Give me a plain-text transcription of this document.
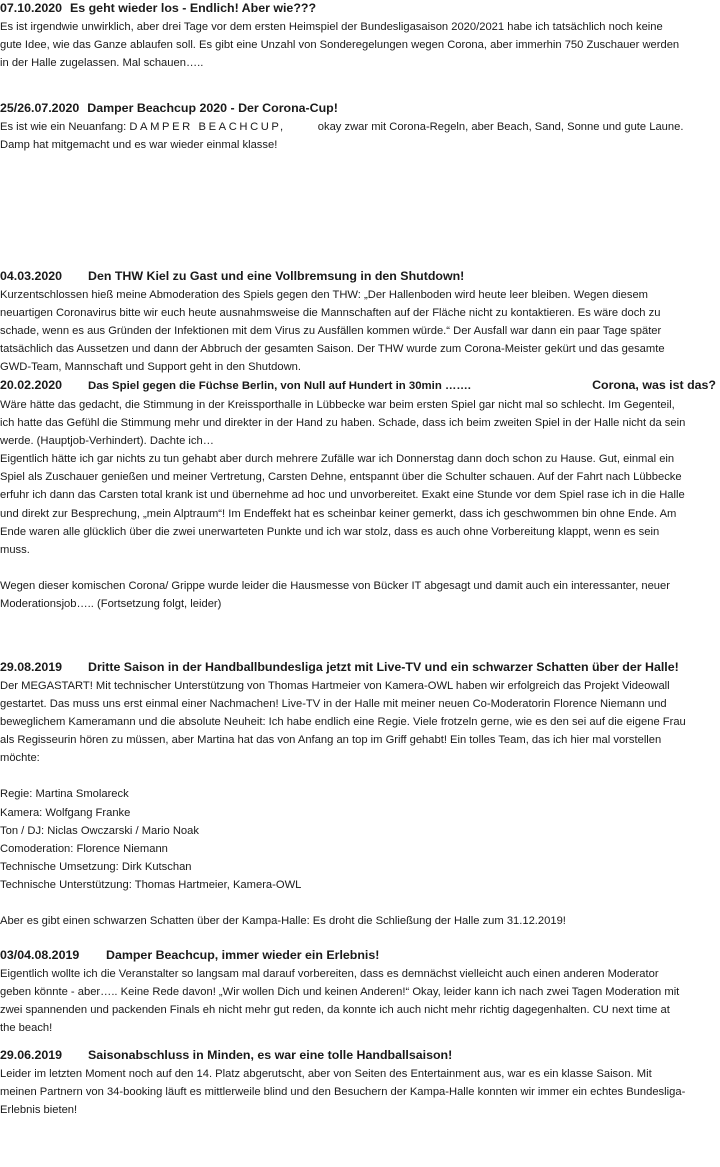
07.10.2020 Es geht wieder los - Endlich! Aber wie???

Es ist irgendwie unwirklich, aber drei Tage vor dem ersten Heimspiel der Bundesligasaison 2020/2021 habe ich tatsächlich noch keine gute Idee, wie das Ganze ablaufen soll. Es gibt eine Unzahl von Sonderegelungen wegen Corona, aber immerhin 750 Zuschauer werden in der Halle zugelassen. Mal schauen…..

25/26.07.2020 Damper Beachcup 2020 - Der Corona-Cup!

Es ist wie ein Neuanfang: DAMPER BEACHCUP,	okay zwar mit Corona-Regeln, aber Beach, Sand, Sonne und gute Laune. Damp hat mitgemacht und es war wieder einmal klasse!

04.03.2020 Den THW Kiel zu Gast und eine Vollbremsung in den Shutdown!

Kurzentschlossen hieß meine Abmoderation des Spiels gegen den THW: „Der Hallenboden wird heute leer bleiben. Wegen diesem neuartigen Coronavirus bitte wir euch heute ausnahmsweise die Mannschaften auf der Fläche nicht zu kontaktieren. Es wäre doch zu schade, wenn es aus Gründen der Infektionen mit dem Virus zu Ausfällen kommen würde.“ Der Ausfall war dann ein paar Tage später tatsächlich das Aussetzen und dann der Abbruch der gesamten Saison. Der THW wurde zum Corona-Meister gekürt und das gesamte GWD-Team, Mannschaft und Support geht in den Shutdown.

20.02.2020 Das Spiel gegen die Füchse Berlin, von Null auf Hundert in 30min …….	Corona, was ist das?

Wäre hätte das gedacht, die Stimmung in der Kreissporthalle in Lübbecke war beim ersten Spiel gar nicht mal so schlecht. Im Gegenteil, ich hatte das Gefühl die Stimmung mehr und direkter in der Hand zu haben. Schade, dass ich beim zweiten Spiel in der Halle nicht da sein werde. (Hauptjob-Verhindert). Dachte ich…

Eigentlich hätte ich gar nichts zu tun gehabt aber durch mehrere Zufälle war ich Donnerstag dann doch schon zu Hause. Gut, einmal ein Spiel als Zuschauer genießen und meiner Vertretung, Carsten Dehne, entspannt über die Schulter schauen. Auf der Fahrt nach Lübbecke erfuhr ich dann das Carsten total krank ist und übernehme ad hoc und unvorbereitet. Exakt eine Stunde vor dem Spiel rase ich in die Halle und direkt zur Besprechung, „mein Alptraum“! Im Endeffekt hat es scheinbar keiner gemerkt, dass ich geschwommen bin ohne Ende. Am Ende waren alle glücklich über die zwei unerwarteten Punkte und ich war stolz, dass es auch ohne Vorbereitung klappt, wenn es sein muss.

Wegen dieser komischen Corona/ Grippe wurde leider die Hausmesse von Bücker IT abgesagt und damit auch ein interessanter, neuer Moderationsjob….. (Fortsetzung folgt, leider)

29.08.2019 Dritte Saison in der Handballbundesliga jetzt mit Live-TV und ein schwarzer Schatten über der Halle!

Der MEGASTART! Mit technischer Unterstützung von Thomas Hartmeier von Kamera-OWL haben wir erfolgreich das Projekt Videowall gestartet. Das muss uns erst einmal einer Nachmachen! Live-TV in der Halle mit meiner neuen Co-Moderatorin Florence Niemann und beweglichem Kameramann und die absolute Neuheit: Ich habe endlich eine Regie. Viele frotzeln gerne, wie es den sei auf die eigene Frau als Regisseurin hören zu müssen, aber Martina hat das von Anfang an top im Griff gehabt! Ein tolles Team, das ich hier mal vorstellen möchte:

Regie: Martina Smolareck
Kamera: Wolfgang Franke
Ton / DJ: Niclas Owczarski / Mario Noak
Comoderation: Florence Niemann
Technische Umsetzung: Dirk Kutschan
Technische Unterstützung: Thomas Hartmeier, Kamera-OWL

Aber es gibt einen schwarzen Schatten über der Kampa-Halle: Es droht die Schließung der Halle zum 31.12.2019!

03/04.08.2019 Damper Beachcup, immer wieder ein Erlebnis!

Eigentlich wollte ich die Veranstalter so langsam mal darauf vorbereiten, dass es demnächst vielleicht auch einen anderen Moderator geben könnte - aber….. Keine Rede davon! „Wir wollen Dich und keinen Anderen!“ Okay, leider kann ich nach zwei Tagen Moderation mit zwei spannenden und packenden Finals eh nicht mehr gut reden, da konnte ich auch nicht mehr richtig dagegenhalten. CU next time at the beach!

29.06.2019 Saisonabschluss in Minden, es war eine tolle Handballsaison!

Leider im letzten Moment noch auf den 14. Platz abgerutscht, aber von Seiten des Entertainment aus, war es ein klasse Saison. Mit meinen Partnern von 34-booking läuft es mittlerweile blind und den Besuchern der Kampa-Halle konnten wir immer ein echtes Bundesliga-Erlebnis bieten!
